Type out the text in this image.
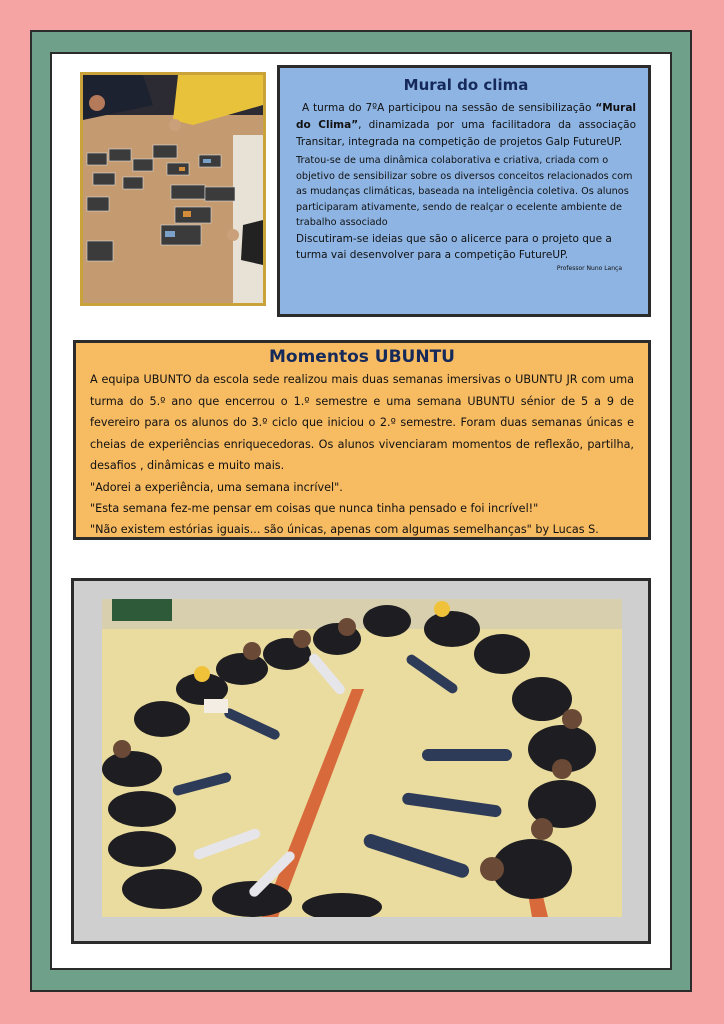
Mural do clima

A turma do 7ºA participou na sessão de sensibilização “Mural do Clima”, dinamizada por uma facilitadora da associação Transitar, integrada na competição de projetos Galp FutureUP.

Tratou-se de uma dinâmica colaborativa e criativa, criada com o objetivo de sensibilizar sobre os diversos conceitos relacionados com as mudanças climáticas, baseada na inteligência coletiva. Os alunos participaram ativamente, sendo de realçar o ecelente ambiente de trabalho associado

Discutiram-se ideias que são o alicerce para o projeto que a turma vai desenvolver para a competição FutureUP.

Professor Nuno Lança
Momentos UBUNTU

A equipa UBUNTO da escola sede realizou mais duas semanas imersivas o UBUNTU JR com uma turma do 5.º ano que encerrou o 1.º semestre e uma semana UBUNTU sénior de 5 a 9 de fevereiro para os alunos do 3.º ciclo que iniciou o 2.º semestre. Foram duas semanas únicas e cheias de experiências enriquecedoras. Os alunos vivenciaram momentos de reflexão, partilha, desafios , dinâmicas e muito mais.

"Adorei a experiência, uma semana incrível".

"Esta semana fez-me pensar em coisas que nunca tinha pensado e foi incrível!"

"Não existem estórias iguais... são únicas, apenas com algumas semelhanças" by Lucas S.
